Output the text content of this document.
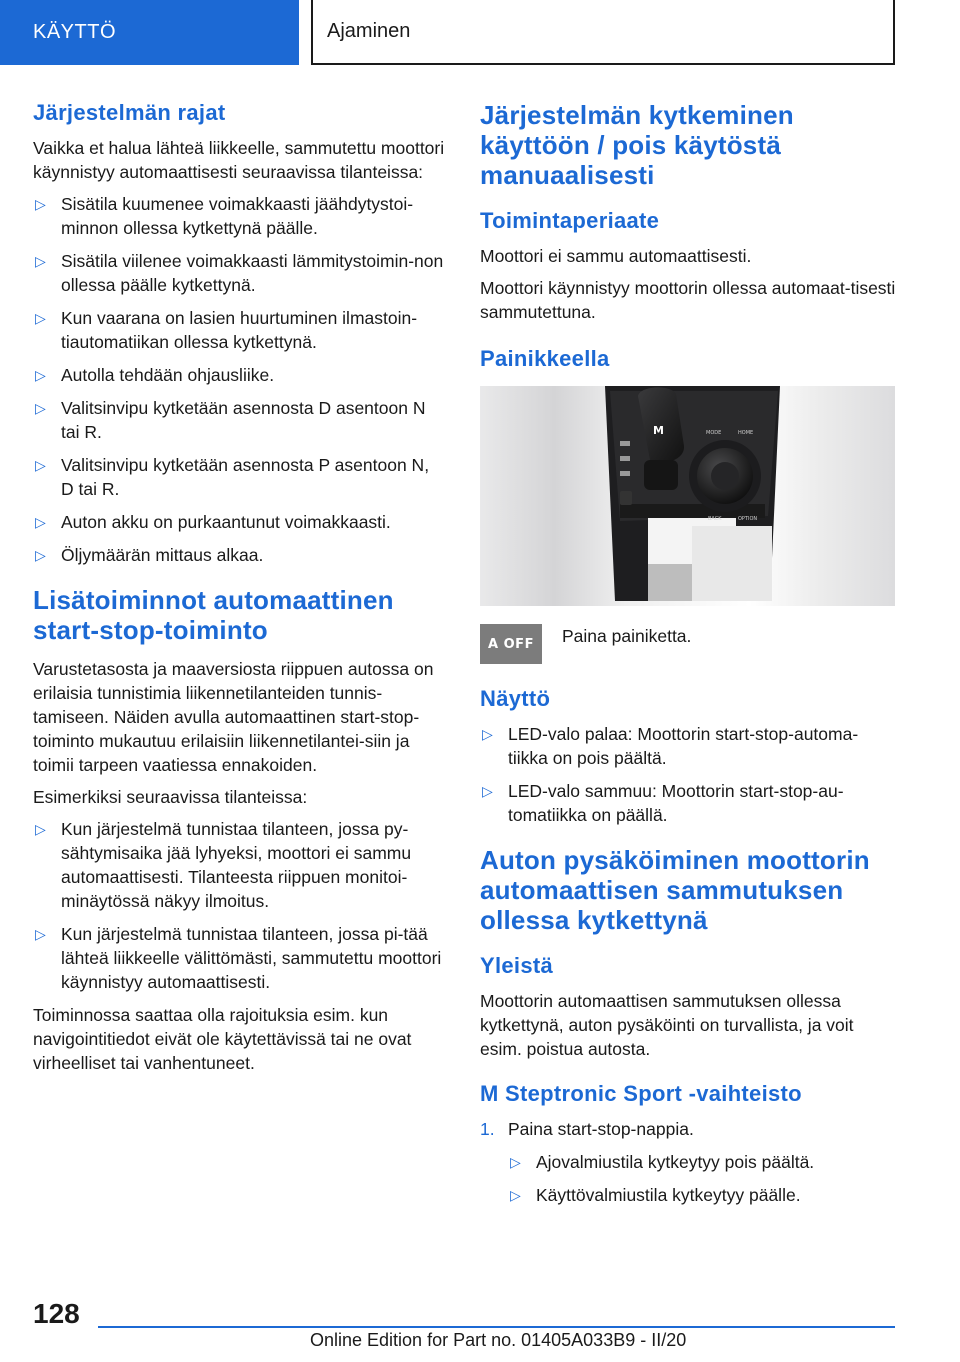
KÄYTTÖ	Ajaminen
Järjestelmän rajat

Vaikka et halua lähteä liikkeelle, sammutettu moottori käynnistyy automaattisesti seuraavissa tilanteissa:

▷ Sisätila kuumenee voimakkaasti jäähdytystoi-minnon ollessa kytkettynä päälle.
▷ Sisätila viilenee voimakkaasti lämmitystoimin-non ollessa päälle kytkettynä.
▷ Kun vaarana on lasien huurtuminen ilmastoin-tiautomatiikan ollessa kytkettynä.
▷ Autolla tehdään ohjausliike.
▷ Valitsinvipu kytketään asennosta D asentoon N tai R.
▷ Valitsinvipu kytketään asennosta P asentoon N, D tai R.
▷ Auton akku on purkaantunut voimakkaasti.
▷ Öljymäärän mittaus alkaa.
Lisätoiminnot automaattinen start-stop-toiminto

Varustetasosta ja maaversiosta riippuen autossa on erilaisia tunnistimia liikennetilanteiden tunnis-tamiseen. Näiden avulla automaattinen start-stop-toiminto mukautuu erilaisiin liikennetilantei-siin ja toimii tarpeen vaatiessa ennakoiden.

Esimerkiksi seuraavissa tilanteissa:

▷ Kun järjestelmä tunnistaa tilanteen, jossa py-sähtymisaika jää lyhyeksi, moottori ei sammu automaattisesti. Tilanteesta riippuen monitoi-minäytössä näkyy ilmoitus.
▷ Kun järjestelmä tunnistaa tilanteen, jossa pi-tää lähteä liikkeelle välittömästi, sammutettu moottori käynnistyy automaattisesti.

Toiminnossa saattaa olla rajoituksia esim. kun navigointitiedot eivät ole käytettävissä tai ne ovat virheelliset tai vanhentuneet.

Järjestelmän kytkeminen käyttöön / pois käytöstä manuaalisesti
Toimintaperiaate

Moottori ei sammu automaattisesti.

Moottori käynnistyy moottorin ollessa automaat-tisesti sammutettuna.

Painikkeella
M	MODE	HOME
BACK	OPTION
A OFF	Paina painiketta.
Näyttö
▷ LED-valo palaa: Moottorin start-stop-automa-tiikka on pois päältä.
▷ LED-valo sammuu: Moottorin start-stop-au-tomatiikka on päällä.
Auton pysäköiminen moottorin automaattisen sammutuksen ollessa kytkettynä
Yleistä

Moottorin automaattisen sammutuksen ollessa kytkettynä, auton pysäköinti on turvallista, ja voit esim. poistua autosta.

M Steptronic Sport -vaihteisto
1. Paina start-stop-nappia.
▷ Ajovalmiustila kytkeytyy pois päältä.
▷ Käyttövalmiustila kytkeytyy päälle.
128
Online Edition for Part no. 01405A033B9 - II/20
